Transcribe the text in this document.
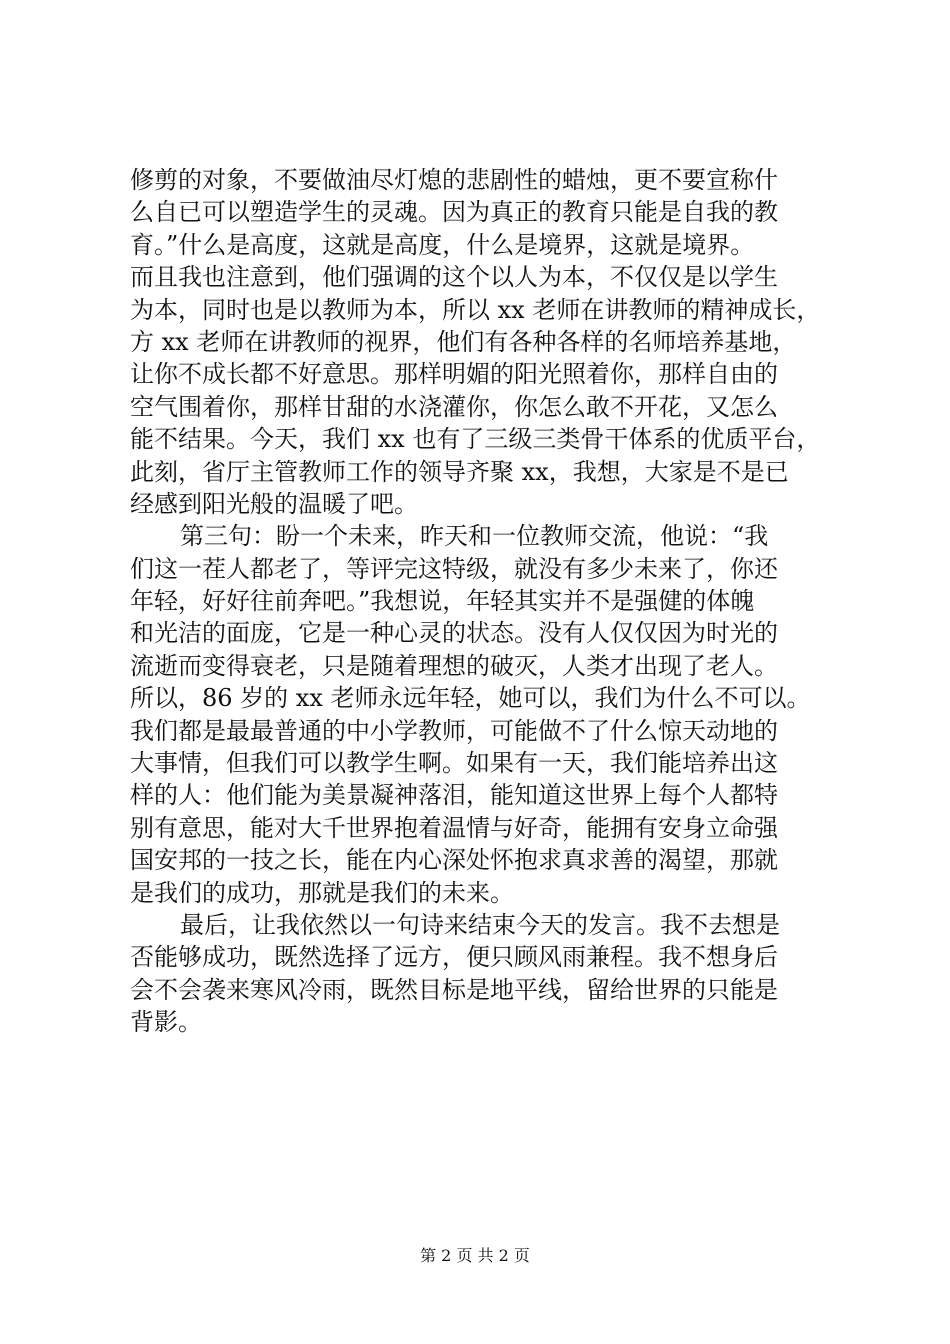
修剪的对象，不要做油尽灯熄的悲剧性的蜡烛，更不要宣称什
么自已可以塑造学生的灵魂。因为真正的教育只能是自我的教
育。”什么是高度，这就是高度，什么是境界，这就是境界。
而且我也注意到，他们强调的这个以人为本，不仅仅是以学生
为本，同时也是以教师为本，所以 xx 老师在讲教师的精神成长，
方 xx 老师在讲教师的视界，他们有各种各样的名师培养基地，
让你不成长都不好意思。那样明媚的阳光照着你，那样自由的
空气围着你，那样甘甜的水浇灌你，你怎么敢不开花，又怎么
能不结果。今天，我们 xx 也有了三级三类骨干体系的优质平台，
此刻，省厅主管教师工作的领导齐聚 xx，我想，大家是不是已
经感到阳光般的温暖了吧。
第三句：盼一个未来，昨天和一位教师交流，他说：“我
们这一茬人都老了，等评完这特级，就没有多少未来了，你还
年轻，好好往前奔吧。”我想说，年轻其实并不是强健的体魄
和光洁的面庞，它是一种心灵的状态。没有人仅仅因为时光的
流逝而变得衰老，只是随着理想的破灭，人类才出现了老人。
所以，86 岁的 xx 老师永远年轻，她可以，我们为什么不可以。
我们都是最最普通的中小学教师，可能做不了什么惊天动地的
大事情，但我们可以教学生啊。如果有一天，我们能培养出这
样的人：他们能为美景凝神落泪，能知道这世界上每个人都特
别有意思，能对大千世界抱着温情与好奇，能拥有安身立命强
国安邦的一技之长，能在内心深处怀抱求真求善的渴望，那就
是我们的成功，那就是我们的未来。
最后，让我依然以一句诗来结束今天的发言。我不去想是
否能够成功，既然选择了远方，便只顾风雨兼程。我不想身后
会不会袭来寒风冷雨，既然目标是地平线，留给世界的只能是
背影。
第 2 页 共 2 页
